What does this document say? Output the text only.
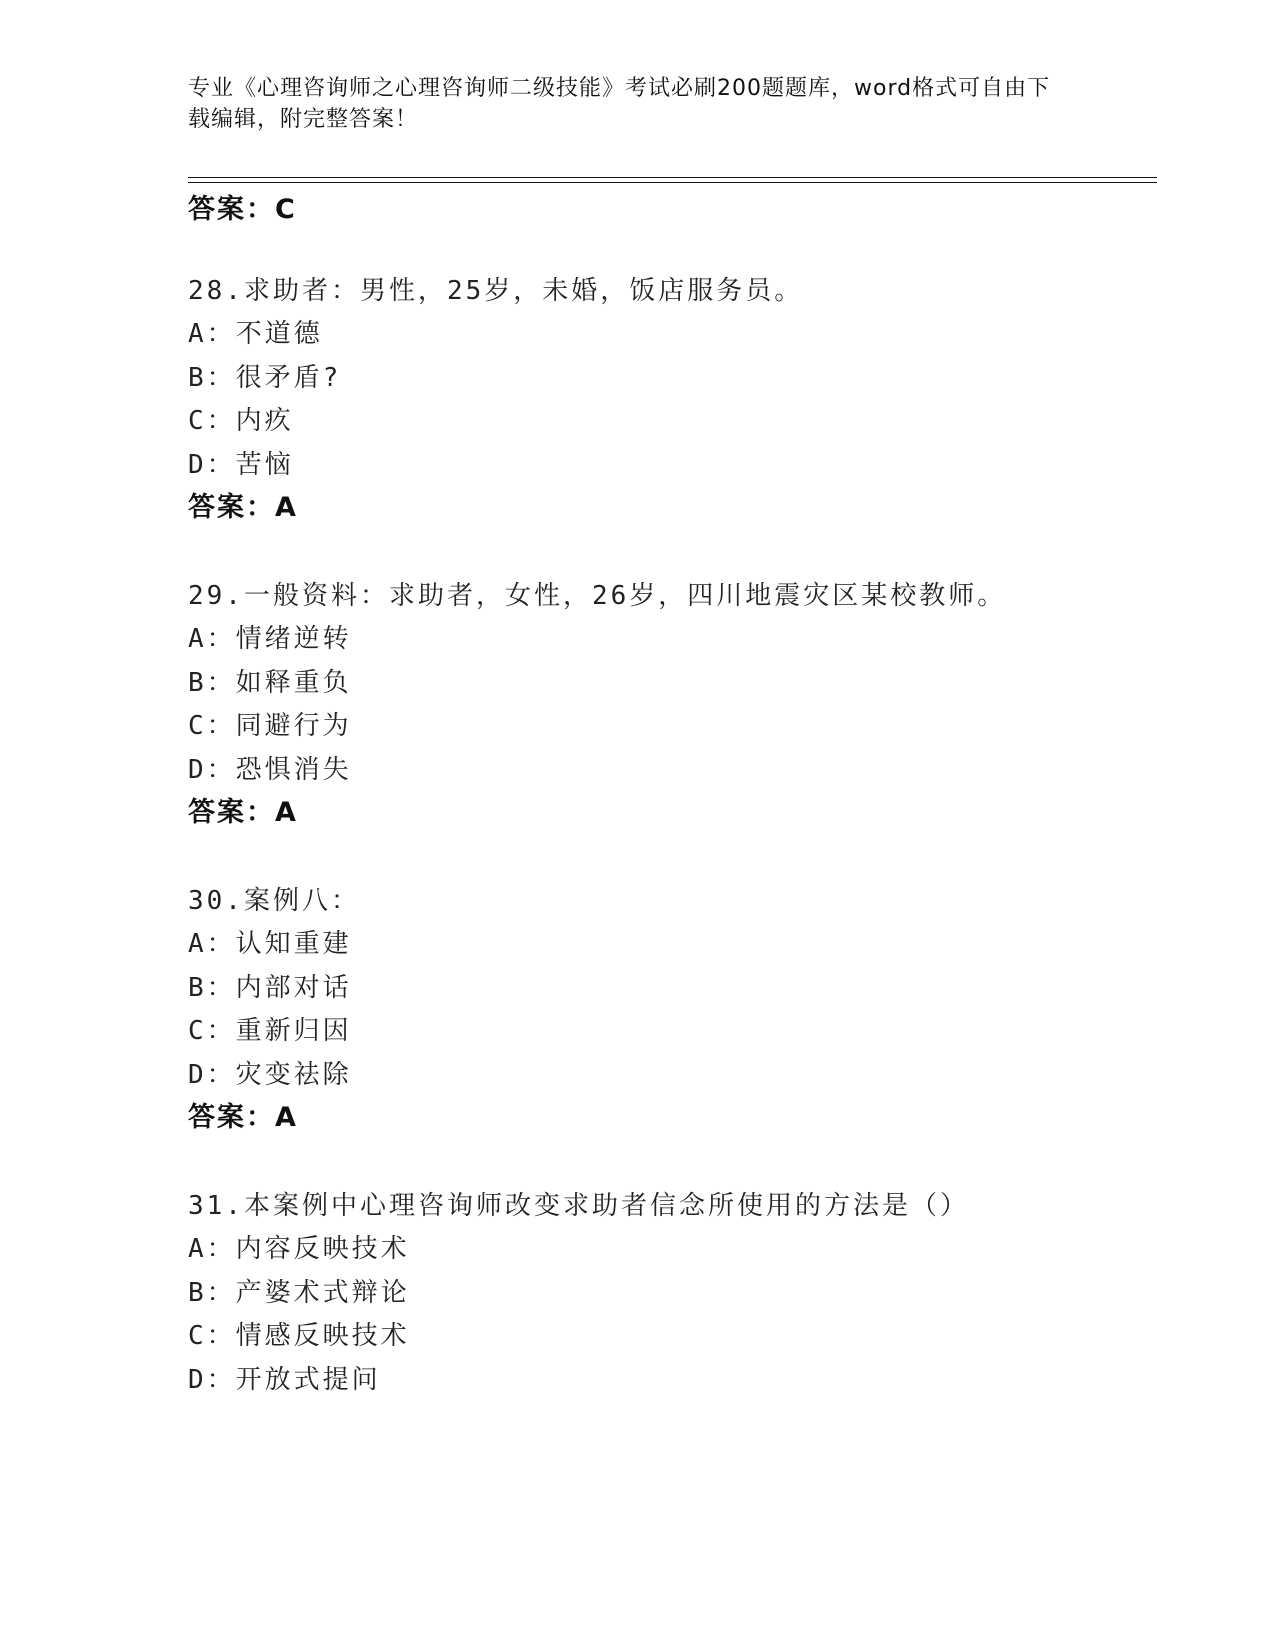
专业《心理咨询师之心理咨询师二级技能》考试必刷200题题库，word格式可自由下载编辑，附完整答案！
答案：C
28.求助者：男性，25岁，未婚，饭店服务员。
A：不道德
B：很矛盾?
C：内疚
D：苦恼
答案：A
29.一般资料：求助者，女性，26岁，四川地震灾区某校教师。
A：情绪逆转
B：如释重负
C：同避行为
D：恐惧消失
答案：A
30.案例八：
A：认知重建
B：内部对话
C：重新归因
D：灾变祛除
答案：A
31.本案例中心理咨询师改变求助者信念所使用的方法是（）
A：内容反映技术
B：产婆术式辩论
C：情感反映技术
D：开放式提问
